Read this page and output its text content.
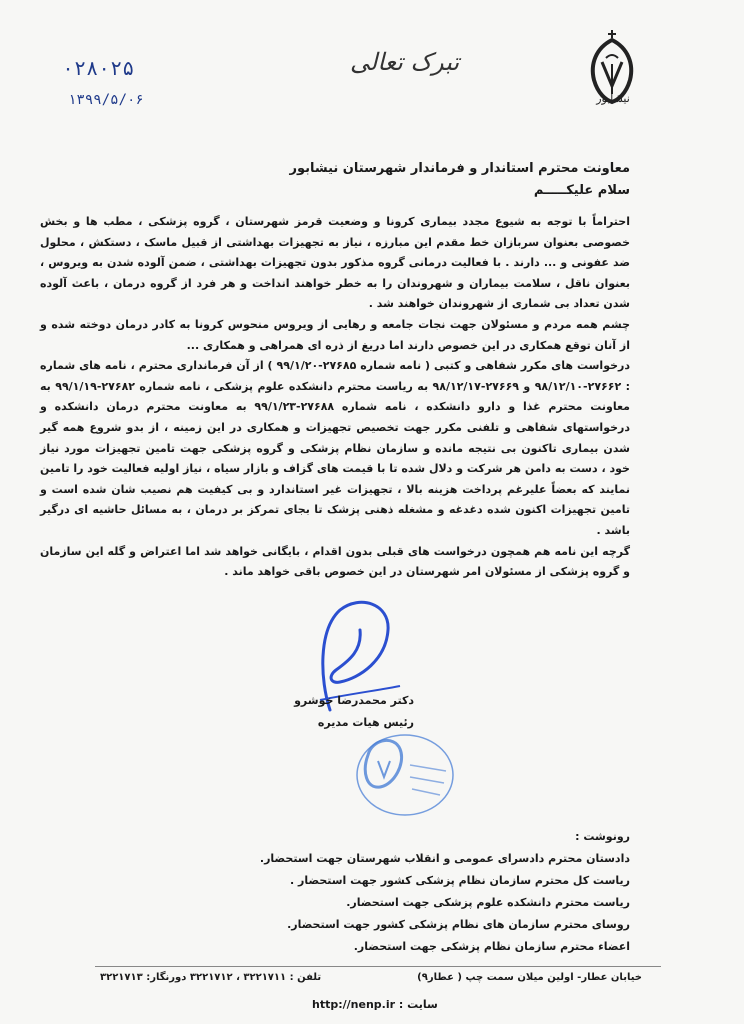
نیشابور
تبرک تعالی
۰۲۸۰۲۵
۱۳۹۹/۵/۰۶
معاونت محترم استاندار و فرماندار شهرستان نیشابور
سلام علیکـــــم

احتراماً با توجه به شیوع مجدد بیماری کرونا و وضعیت قرمز شهرستان ، گروه پزشکی ، مطب ها و بخش خصوصی بعنوان سربازان خط مقدم این مبارزه ، نیاز به تجهیزات بهداشتی از قبیل ماسک ، دستکش ، محلول ضد عفونی و ... دارند . با فعالیت درمانی گروه مذکور بدون تجهیزات بهداشتی ، ضمن آلوده شدن به ویروس ، بعنوان ناقل ، سلامت بیماران و شهروندان را به خطر خواهند انداخت و هر فرد از گروه درمان ، باعث آلوده شدن تعداد بی شماری از شهروندان خواهند شد .

چشم همه مردم و مسئولان جهت نجات جامعه و رهایی از ویروس منحوس کرونا به کادر درمان دوخته شده و از آنان توقع همکاری در این خصوص دارند اما دریغ از ذره ای همراهی و همکاری ...

درخواست های مکرر شفاهی و کتبی ( نامه شماره ۲۷۶۸۵-۹۹/۱/۲۰ ) از آن فرمانداری محترم ، نامه های شماره : ۲۷۶۶۲-۹۸/۱۲/۱۰ و ۲۷۶۶۹-۹۸/۱۲/۱۷ به ریاست محترم دانشکده علوم پزشکی ، نامه شماره ۲۷۶۸۲-۹۹/۱/۱۹ به معاونت محترم غذا و دارو دانشکده ، نامه شماره ۲۷۶۸۸-۹۹/۱/۲۳ به معاونت محترم درمان دانشکده و درخواستهای شفاهی و تلفنی مکرر جهت تخصیص تجهیزات و همکاری در این زمینه ، از بدو شروع همه گیر شدن بیماری تاکنون بی نتیجه مانده و سازمان نظام پزشکی و گروه پزشکی جهت تامین تجهیزات مورد نیاز خود ، دست به دامن هر شرکت و دلال شده تا با قیمت های گزاف و بازار سیاه ، نیاز اولیه فعالیت خود را تامین نمایند که بعضاً علیرغم پرداخت هزینه بالا ، تجهیزات غیر استاندارد و بی کیفیت هم نصیب شان شده است و تامین تجهیزات اکنون شده دغدغه و مشغله ذهنی پزشک تا بجای تمرکز بر درمان ، به مسائل حاشیه ای درگیر باشد .

گرچه این نامه هم همچون درخواست های قبلی بدون اقدام ، بایگانی خواهد شد اما اعتراض و گله این سازمان و گروه پزشکی از مسئولان امر شهرستان در این خصوص باقی خواهد ماند .

دکتر محمدرضا خوشرو
رئیس هیات مدیره
رونوشت :
دادستان محترم دادسرای عمومی و انقلاب شهرستان جهت استحضار.
ریاست کل محترم سازمان نظام پزشکی کشور جهت استحضار .
ریاست محترم دانشکده علوم پزشکی جهت استحضار.
روسای محترم سازمان های نظام پزشکی کشور جهت استحضار.
اعضاء محترم سازمان نظام پزشکی جهت استحضار.
خیابان عطار- اولین میلان سمت چپ ( عطار۹)
تلفن : ۳۲۲۱۷۱۱ ، ۳۲۲۱۷۱۲ دورنگار: ۳۲۲۱۷۱۳
سایت : http://nenp.ir
